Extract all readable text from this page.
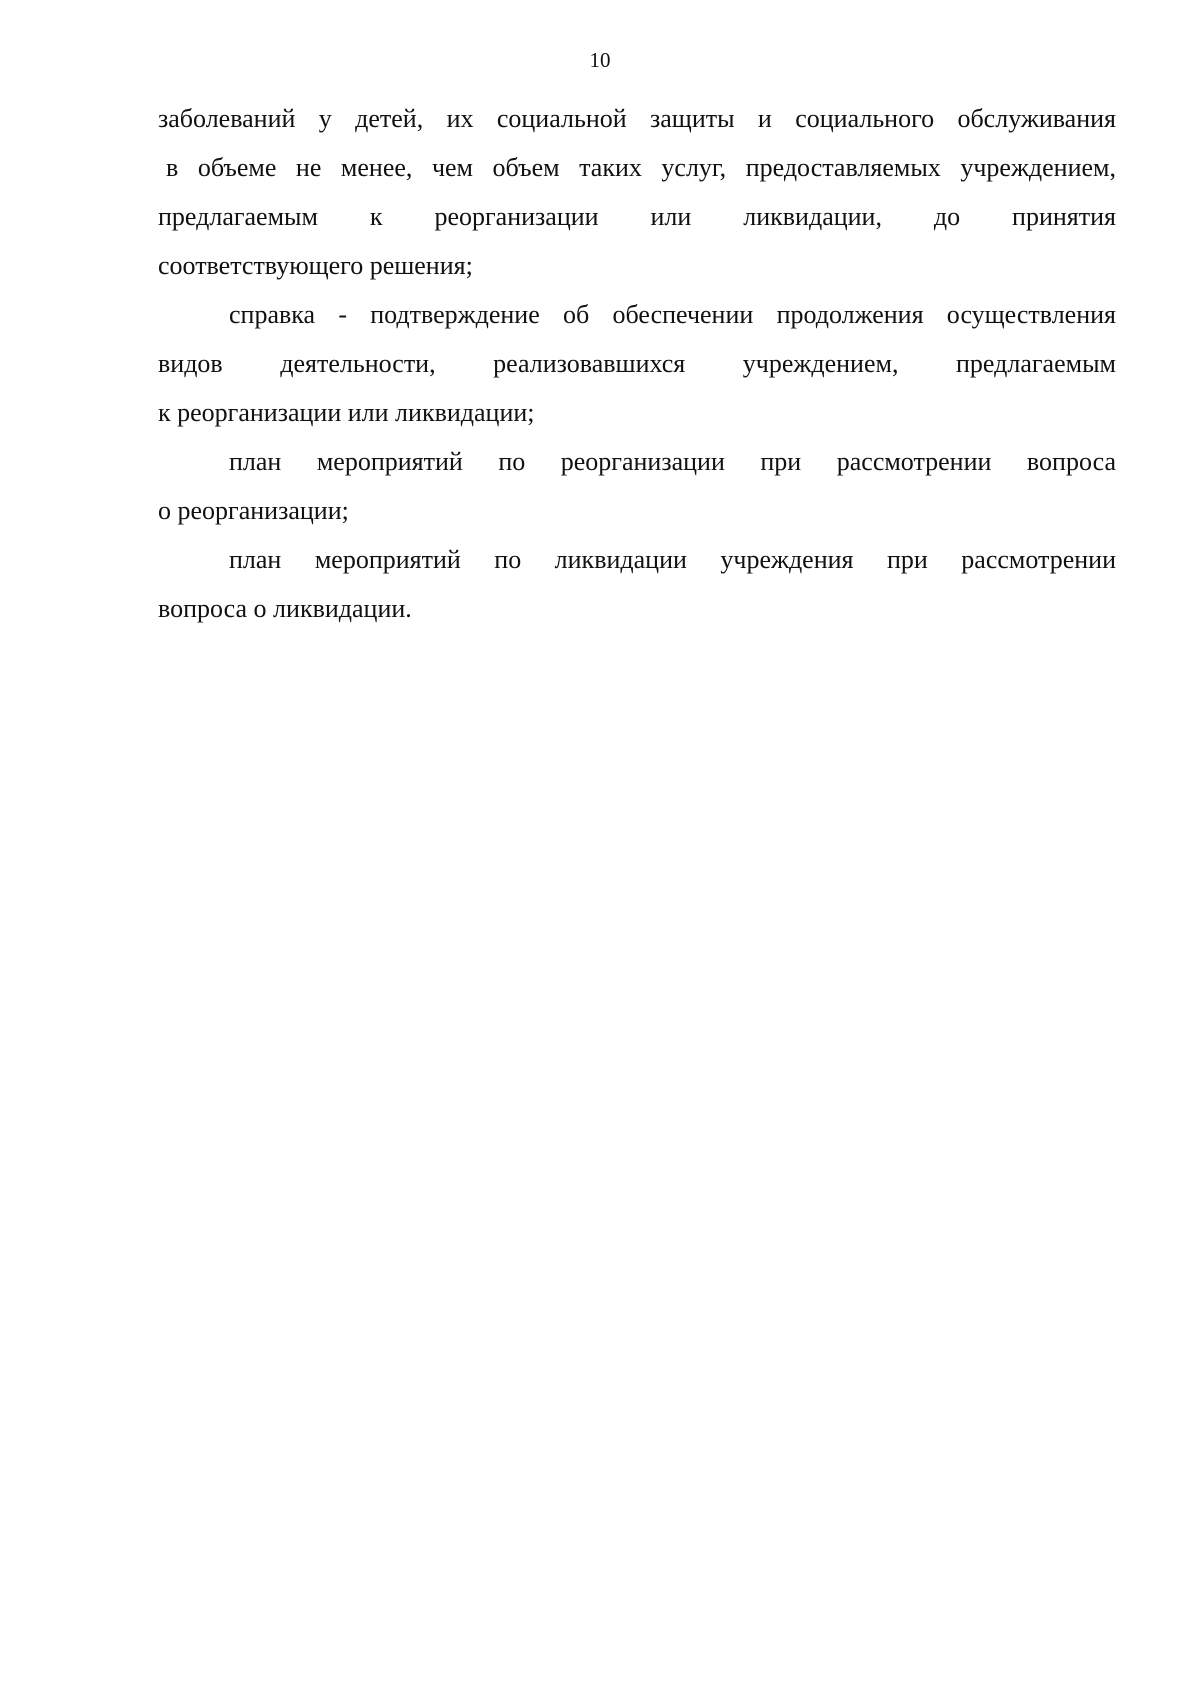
10
заболеваний у детей, их социальной защиты и социального обслуживания
в объеме не менее, чем объем таких услуг, предоставляемых учреждением,
предлагаемым к реорганизации или ликвидации, до принятия
соответствующего решения;
справка - подтверждение об обеспечении продолжения осуществления
видов деятельности, реализовавшихся учреждением, предлагаемым
к реорганизации или ликвидации;
план мероприятий по реорганизации при рассмотрении вопроса
о реорганизации;
план мероприятий по ликвидации учреждения при рассмотрении
вопроса о ликвидации.
